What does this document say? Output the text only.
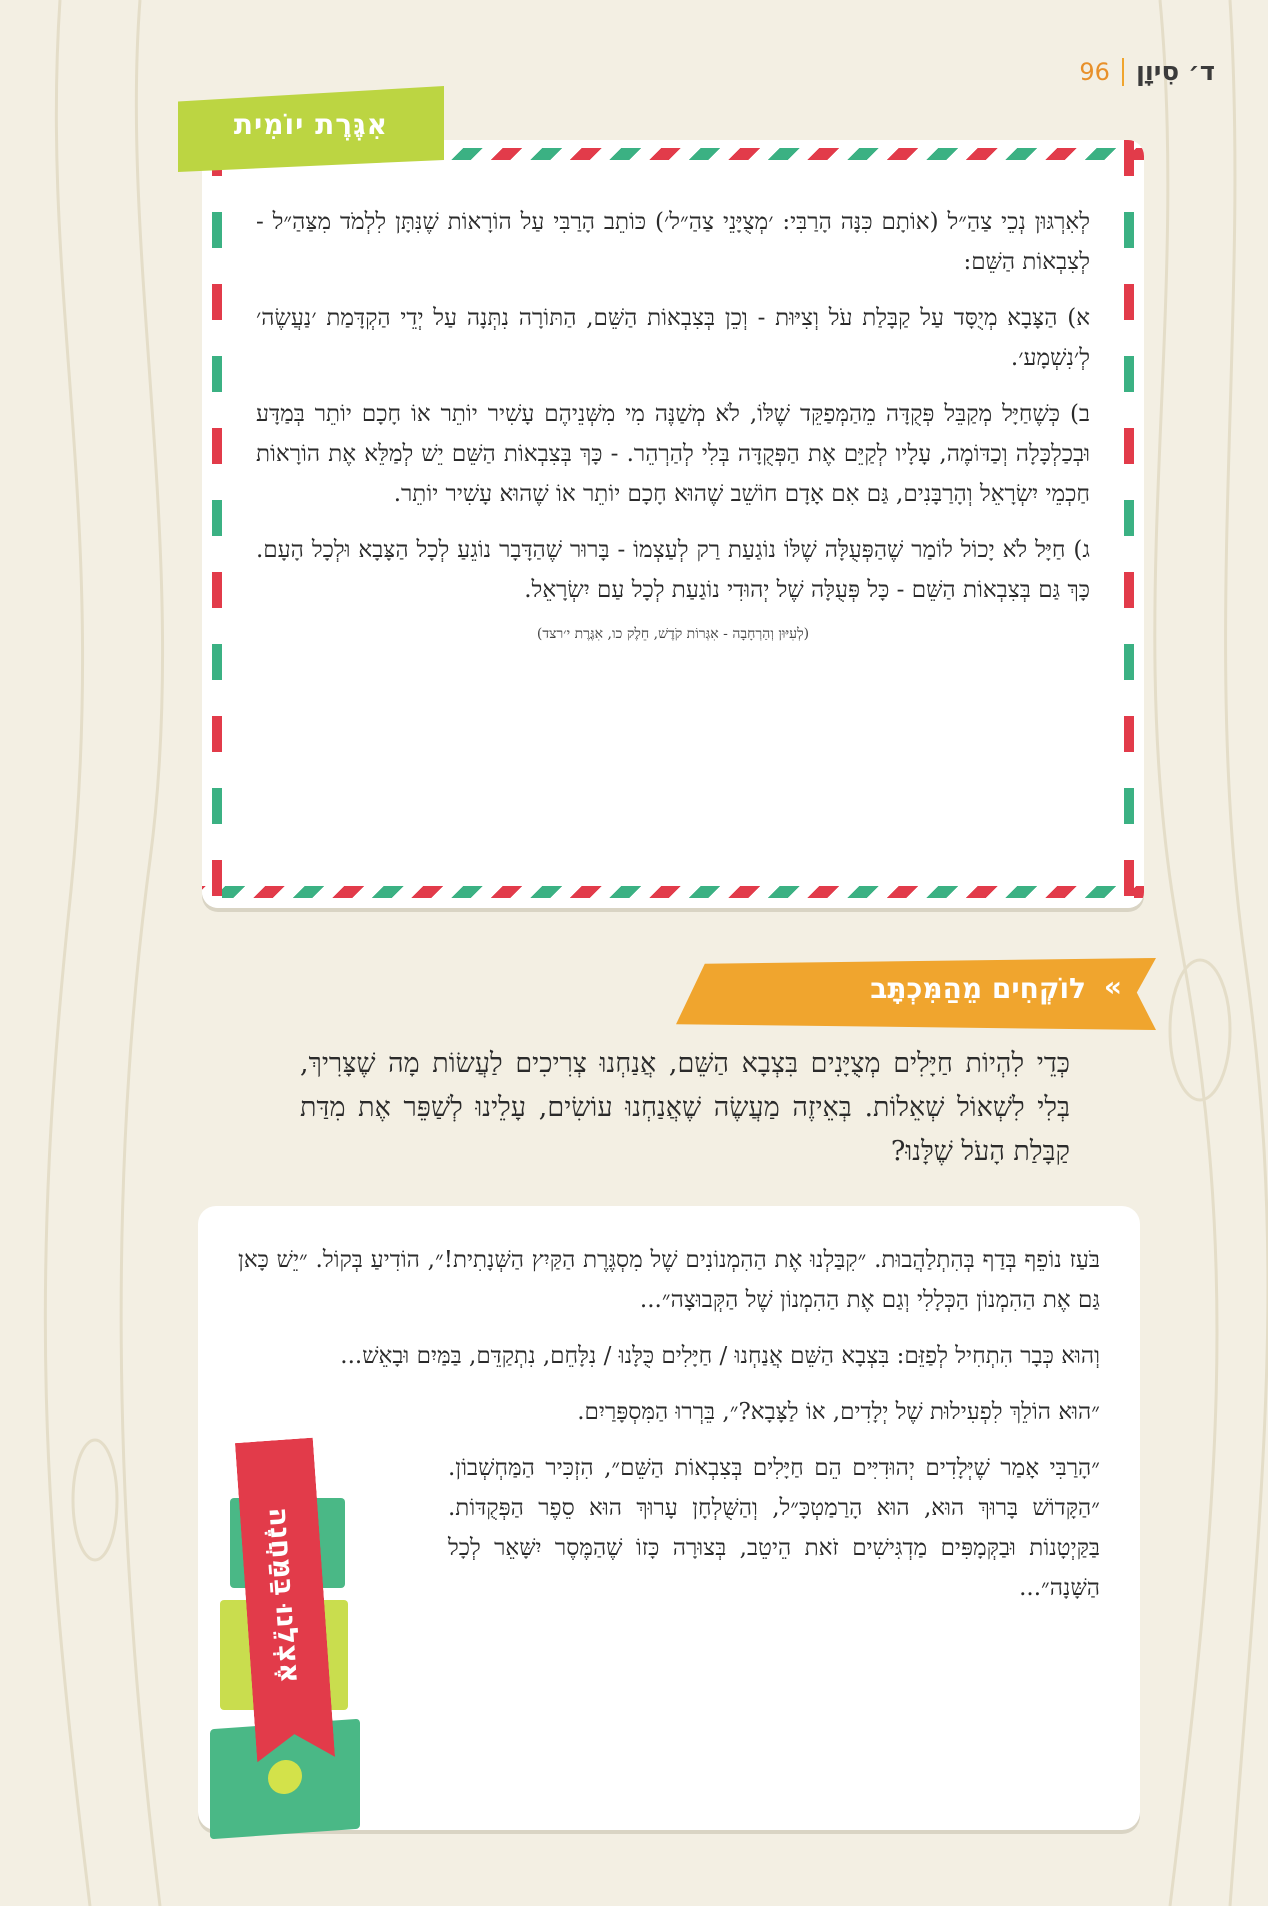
ד׳ סִיוָן
96

לְאִרְגּוּן נְכֵי צַהַ״ל (אוֹתָם כִּנָּה הָרַבִּי: ׳מְצֻיָּנֵי צַהַ״ל׳) כּוֹתֵב הָרַבִּי עַל הוֹרָאוֹת שֶׁנִּתָּן לִלְמֹד מִצַּהַ״ל - לְצִבְאוֹת הַשֵּׁם:

א) הַצָּבָא מְיֻסָּד עַל קַבָּלַת עֹל וְצִיּוּת - וְכֵן בְּצִבְאוֹת הַשֵּׁם, הַתּוֹרָה נִתְּנָה עַל יְדֵי הַקְדָּמַת ׳נַעֲשֶׂה׳ לְ׳נִשְׁמָע׳.

ב) כְּשֶׁחַיָּל מְקַבֵּל פְּקֻדָּה מֵהַמְּפַקֵּד שֶׁלּוֹ, לֹא מְשַׁנֶּה מִי מִשְּׁנֵיהֶם עָשִׁיר יוֹתֵר אוֹ חָכָם יוֹתֵר בְּמַדָּע וּבְכַלְכָּלָה וְכַדּוֹמֶה, עָלָיו לְקַיֵּם אֶת הַפְּקֻדָּה בְּלִי לְהַרְהֵר. - כָּךְ בְּצִבְאוֹת הַשֵּׁם יֵשׁ לְמַלֵּא אֶת הוֹרָאוֹת חַכְמֵי יִשְׂרָאֵל וְהָרַבָּנִים, גַּם אִם אָדָם חוֹשֵׁב שֶׁהוּא חָכָם יוֹתֵר אוֹ שֶׁהוּא עָשִׁיר יוֹתֵר.

ג) חַיָּל לֹא יָכוֹל לוֹמַר שֶׁהַפְּעֻלָּה שֶׁלּוֹ נוֹגַעַת רַק לְעַצְמוֹ - בָּרוּר שֶׁהַדָּבָר נוֹגֵעַ לְכָל הַצָּבָא וּלְכָל הָעָם. כָּךְ גַּם בְּצִבְאוֹת הַשֵּׁם - כָּל פְּעֻלָּה שֶׁל יְהוּדִי נוֹגַעַת לְכָל עַם יִשְׂרָאֵל.

(לְעִיּוּן וְהַרְחָבָה - אִגְּרוֹת קֹדֶשׁ, חֵלֶק כו, אִגֶּרֶת י׳רצד)
אִגֶּרֶת יוֹמִית
לוֹקְחִים מֵהַמִּכְתָּב »

כְּדֵי לִהְיוֹת חַיָּלִים מְצֻיָּנִים בִּצְבָא הַשֵּׁם, אֲנַחְנוּ צְרִיכִים לַעֲשׂוֹת מָה שֶׁצָּרִיךְ, בְּלִי לִשְׁאוֹל שְׁאֵלוֹת. בְּאֵיזֶה מַעֲשֶׂה שֶׁאֲנַחְנוּ עוֹשִׂים, עָלֵינוּ לְשַׁפֵּר אֶת מִדַּת קַבָּלַת הָעֹל שֶׁלָּנוּ?

בֹּעַז נוֹפֵף בְּדַף בְּהִתְלַהֲבוּת. ״קִבַּלְנוּ אֶת הַהִמְנוֹנִים שֶׁל מִסְגֶּרֶת הַקַּיִץ הַשְּׁנָתִית!״, הוֹדִיעַ בְּקוֹל. ״יֵשׁ כָּאן גַּם אֶת הַהִמְנוֹן הַכְּלָלִי וְגַם אֶת הַהִמְנוֹן שֶׁל הַקְּבוּצָה״...

וְהוּא כְּבָר הִתְחִיל לְפַזֵּם: בִּצְבָא הַשֵּׁם אֲנַחְנוּ / חַיָּלִים כֻּלָּנוּ / נִלָּחֵם, נִתְקַדֵּם, בַּמַּיִם וּבָאֵשׁ...

״הוּא הוֹלֵךְ לִפְעִילוּת שֶׁל יְלָדִים, אוֹ לַצָּבָא?״, בֵּרְרוּ הַמִּסְפָּרַיִם.

״הָרַבִּי אָמַר שֶׁיְּלָדִים יְהוּדִיִּים הֵם חַיָּלִים בְּצִבְאוֹת הַשֵּׁם״, הִזְכִּיר הַמַּחְשְׁבוֹן. ״הַקָּדוֹשׁ בָּרוּךְ הוּא, הוּא הָרַמַטְכָּ״ל, וְהַשֻּׁלְחָן עָרוּךְ הוּא סֵפֶר הַפְּקֻדּוֹת. בַּקַּיְטָנוֹת וּבַקְּמָפִּים מַדְגִּישִׁים זֹאת הֵיטֵב, בְּצוּרָה כָּזוֹ שֶׁהַמֶּסֶר יִשָּׁאֵר לְכָל הַשָּׁנָה״...

אֶצְלֵנוּ בַּמַּחֲנֶה
